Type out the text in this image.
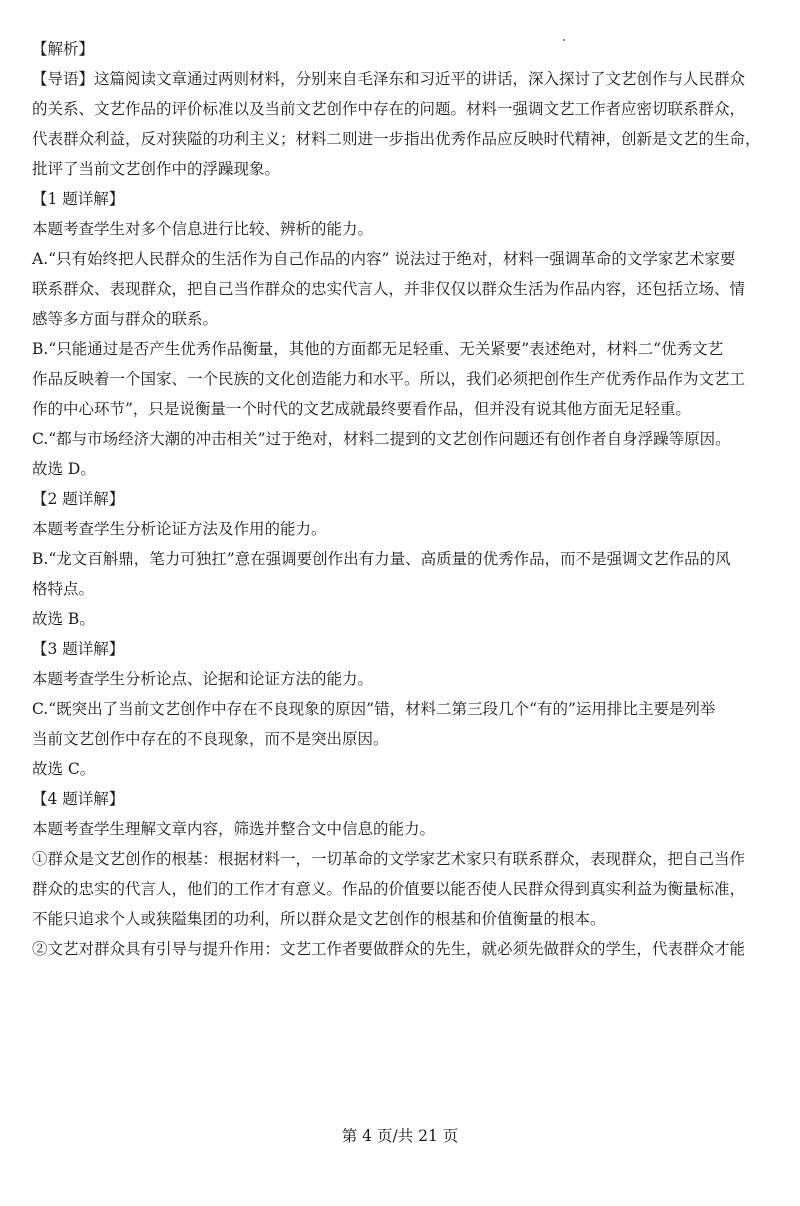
【解析】
【导语】这篇阅读文章通过两则材料，分别来自毛泽东和习近平的讲话，深入探讨了文艺创作与人民群众
的关系、文艺作品的评价标准以及当前文艺创作中存在的问题。材料一强调文艺工作者应密切联系群众，
代表群众利益，反对狭隘的功利主义；材料二则进一步指出优秀作品应反映时代精神，创新是文艺的生命，
批评了当前文艺创作中的浮躁现象。
【1 题详解】
本题考查学生对多个信息进行比较、辨析的能力。
A.“只有始终把人民群众的生活作为自己作品的内容” 说法过于绝对，材料一强调革命的文学家艺术家要
联系群众、表现群众，把自己当作群众的忠实代言人，并非仅仅以群众生活为作品内容，还包括立场、情
感等多方面与群众的联系。
B.“只能通过是否产生优秀作品衡量，其他的方面都无足轻重、无关紧要”表述绝对，材料二“优秀文艺
作品反映着一个国家、一个民族的文化创造能力和水平。所以，我们必须把创作生产优秀作品作为文艺工
作的中心环节”，只是说衡量一个时代的文艺成就最终要看作品，但并没有说其他方面无足轻重。
C.“都与市场经济大潮的冲击相关”过于绝对，材料二提到的文艺创作问题还有创作者自身浮躁等原因。
故选 D。
【2 题详解】
本题考查学生分析论证方法及作用的能力。
B.“龙文百斛鼎，笔力可独扛”意在强调要创作出有力量、高质量的优秀作品，而不是强调文艺作品的风
格特点。
故选 B。
【3 题详解】
本题考查学生分析论点、论据和论证方法的能力。
C.“既突出了当前文艺创作中存在不良现象的原因”错，材料二第三段几个“有的”运用排比主要是列举
当前文艺创作中存在的不良现象，而不是突出原因。
故选 C。
【4 题详解】
本题考查学生理解文章内容，筛选并整合文中信息的能力。
①群众是文艺创作的根基：根据材料一，一切革命的文学家艺术家只有联系群众，表现群众，把自己当作
群众的忠实的代言人，他们的工作才有意义。作品的价值要以能否使人民群众得到真实利益为衡量标准，
不能只追求个人或狭隘集团的功利，所以群众是文艺创作的根基和价值衡量的根本。
②文艺对群众具有引导与提升作用：文艺工作者要做群众的先生，就必须先做群众的学生，代表群众才能
第 4 页/共 21 页
